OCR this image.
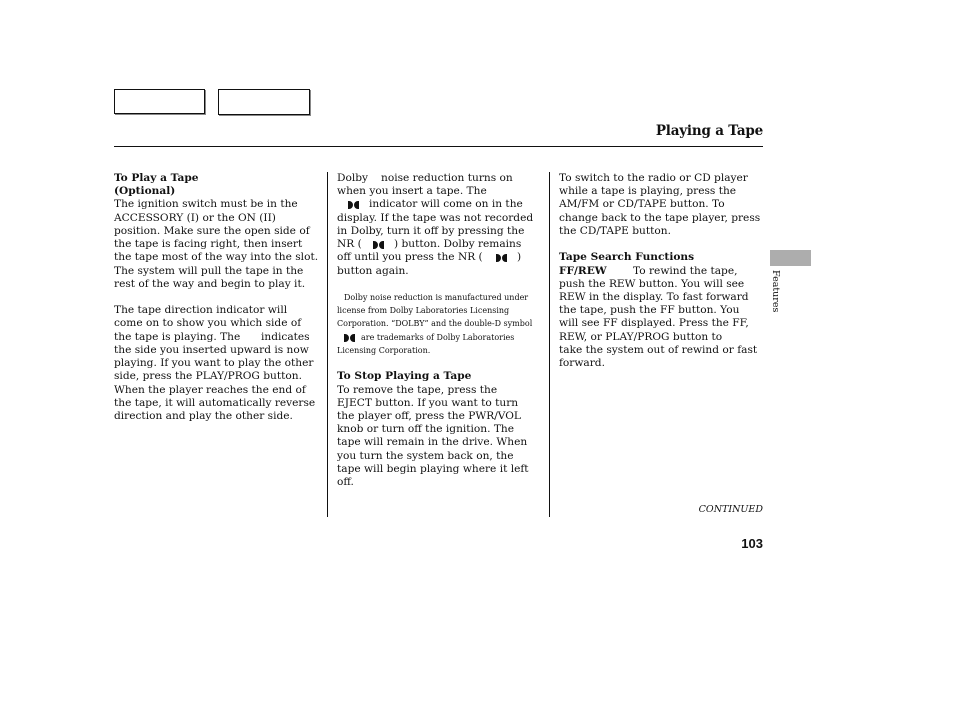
Playing a Tape
To Play a Tape
(Optional)
The ignition switch must be in the
ACCESSORY (I) or the ON (II)
position. Make sure the open side of
the tape is facing right, then insert
the tape most of the way into the slot.
The system will pull the tape in the
rest of the way and begin to play it.
The tape direction indicator will
come on to show you which side of
the tape is playing. The indicates
the side you inserted upward is now
playing. If you want to play the other
side, press the PLAY/PROG button.
When the player reaches the end of
the tape, it will automatically reverse
direction and play the other side.
Dolby noise reduction turns on
when you insert a tape. The
indicator will come on in the
display. If the tape was not recorded
in Dolby, turn it off by pressing the
NR (	) button. Dolby remains
off until you press the NR (	)
button again.
Dolby noise reduction is manufactured under
license from Dolby Laboratories Licensing
Corporation. “DOLBY” and the double-D symbol
are trademarks of Dolby Laboratories
Licensing Corporation.
To Stop Playing a Tape
To remove the tape, press the
EJECT button. If you want to turn
the player off, press the PWR/VOL
knob or turn off the ignition. The
tape will remain in the drive. When
you turn the system back on, the
tape will begin playing where it left
off.
To switch to the radio or CD player
while a tape is playing, press the
AM/FM or CD/TAPE button. To
change back to the tape player, press
the CD/TAPE button.
Tape Search Functions
FF/REW To rewind the tape,
push the REW button. You will see
REW in the display. To fast forward
the tape, push the FF button. You
will see FF displayed. Press the FF,
REW, or PLAY/PROG button to
take the system out of rewind or fast
forward.
Features
CONTINUED
103
